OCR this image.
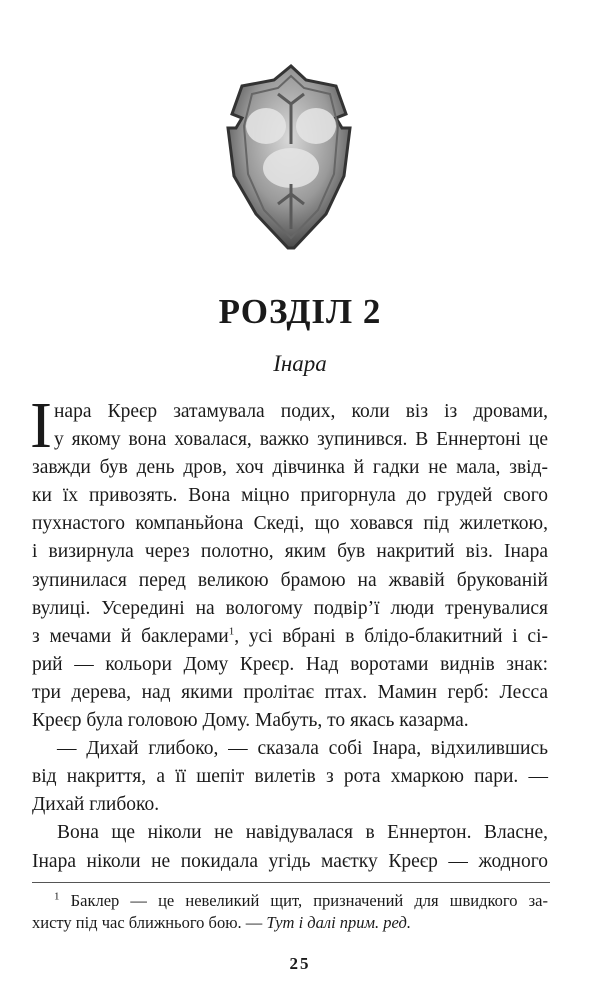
РОЗДІЛ 2
Інара
І нара Креєр затамувала подих, коли віз із дровами,
у якому вона ховалася, важко зупинився. В Еннертоні це
завжди був день дров, хоч дівчинка й гадки не мала, звід-
ки їх привозять. Вона міцно пригорнула до грудей свого
пухнастого компаньйона Скеді, що ховався під жилеткою,
і визирнула через полотно, яким був накритий віз. Інара
зупинилася перед великою брамою на жвавій брукованій
вулиці. Усередині на вологому подвір’ї люди тренувалися
з мечами й баклерами$^1$, усі вбрані в блідо-блакитний і сі-
рий — кольори Дому Креєр. Над воротами виднів знак:
три дерева, над якими пролітає птах. Мамин герб: Лесса
Креєр була головою Дому. Мабуть, то якась казарма.
— Дихай глибоко, — сказала собі Інара, відхилившись
від накриття, а її шепіт вилетів з рота хмаркою пари. —
Дихай глибоко.
Вона ще ніколи не навідувалася в Еннертон. Власне,
Інара ніколи не покидала угідь маєтку Креєр — жодного
$^1$ Баклер — це невеликий щит, призначений для швидкого за-
хисту під час ближнього бою. — Тут і далі прим. ред.
25
